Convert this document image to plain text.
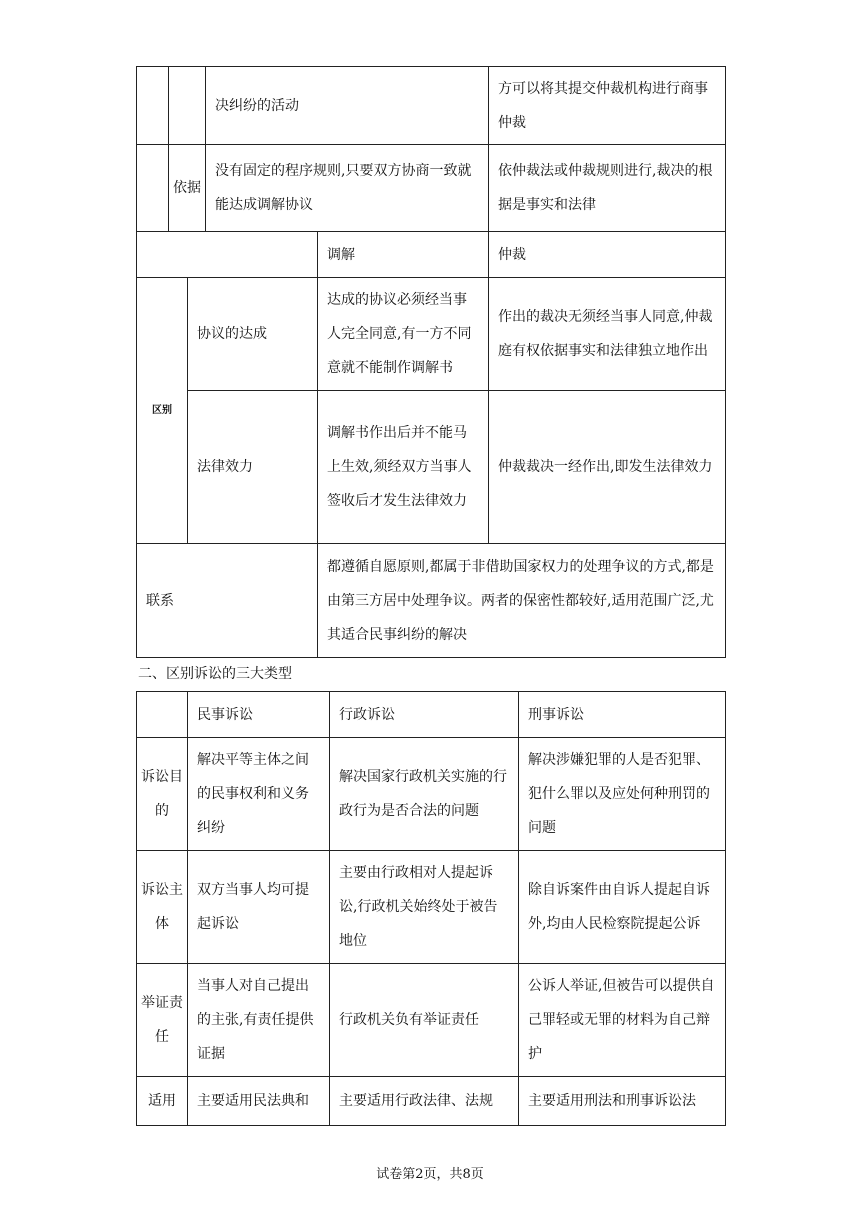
			决纠纷的活动		方可以将其提交仲裁机构进行商事仲裁
	依据		没有固定的程序规则,只要双方协商一致就能达成调解协议		依仲裁法或仲裁规则进行,裁决的根据是事实和法律
				调解	仲裁

区别		协议的达成		达成的协议必须经当事人完全同意,有一方不同意就不能制作调解书	作出的裁决无须经当事人同意,仲裁庭有权依据事实和法律独立地作出
		法律效力		调解书作出后并不能马上生效,须经双方当事人签收后才发生法律效力	仲裁裁决一经作出,即发生法律效力
联系				都遵循自愿原则,都属于非借助国家权力的处理争议的方式,都是由第三方居中处理争议。两者的保密性都较好,适用范围广泛,尤其适合民事纠纷的解决	
二、区别诉讼的三大类型
	民事诉讼	行政诉讼	刑事诉讼
诉讼目的	解决平等主体之间的民事权利和义务纠纷	解决国家行政机关实施的行政行为是否合法的问题	解决涉嫌犯罪的人是否犯罪、犯什么罪以及应处何种刑罚的问题
诉讼主体	双方当事人均可提起诉讼	主要由行政相对人提起诉讼,行政机关始终处于被告地位	除自诉案件由自诉人提起自诉外,均由人民检察院提起公诉
举证责任	当事人对自己提出的主张,有责任提供证据	行政机关负有举证责任	公诉人举证,但被告可以提供自己罪轻或无罪的材料为自己辩护
适用	主要适用民法典和	主要适用行政法律、法规	主要适用刑法和刑事诉讼法
试卷第2页，共8页
